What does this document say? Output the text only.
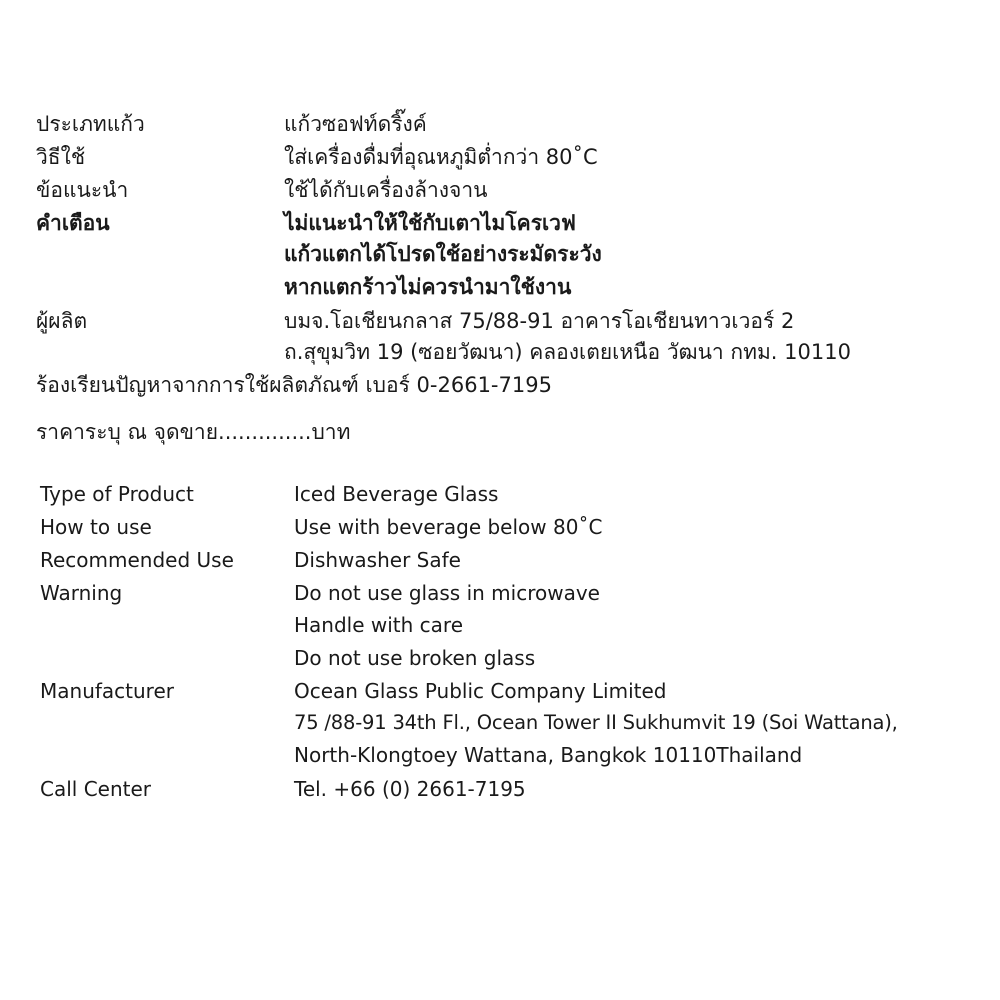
ประเภทแก้ว	แก้วซอฟท์ดริ๊งค์
วิธีใช้	ใส่เครื่องดื่มที่อุณหภูมิต่ำกว่า 80˚C
ข้อแนะนำ	ใช้ได้กับเครื่องล้างจาน
คำเตือน	ไม่แนะนำให้ใช้กับเตาไมโครเวฟ
แก้วแตกได้โปรดใช้อย่างระมัดระวัง
หากแตกร้าวไม่ควรนำมาใช้งาน
ผู้ผลิต	บมจ.โอเชียนกลาส 75/88-91 อาคารโอเชียนทาวเวอร์ 2
ถ.สุขุมวิท 19 (ซอยวัฒนา) คลองเตยเหนือ วัฒนา กทม. 10110
ร้องเรียนปัญหาจากการใช้ผลิตภัณฑ์ เบอร์ 0-2661-7195
ราคาระบุ ณ จุดขาย..............บาท
Type of Product	Iced Beverage Glass
How to use	Use with beverage below 80˚C
Recommended Use	Dishwasher Safe
Warning	Do not use glass in microwave
Handle with care
Do not use broken glass
Manufacturer	Ocean Glass Public Company Limited
75 /88-91 34th Fl., Ocean Tower II Sukhumvit 19 (Soi Wattana),
North-Klongtoey Wattana, Bangkok 10110Thailand
Call Center	Tel. +66 (0) 2661-7195
